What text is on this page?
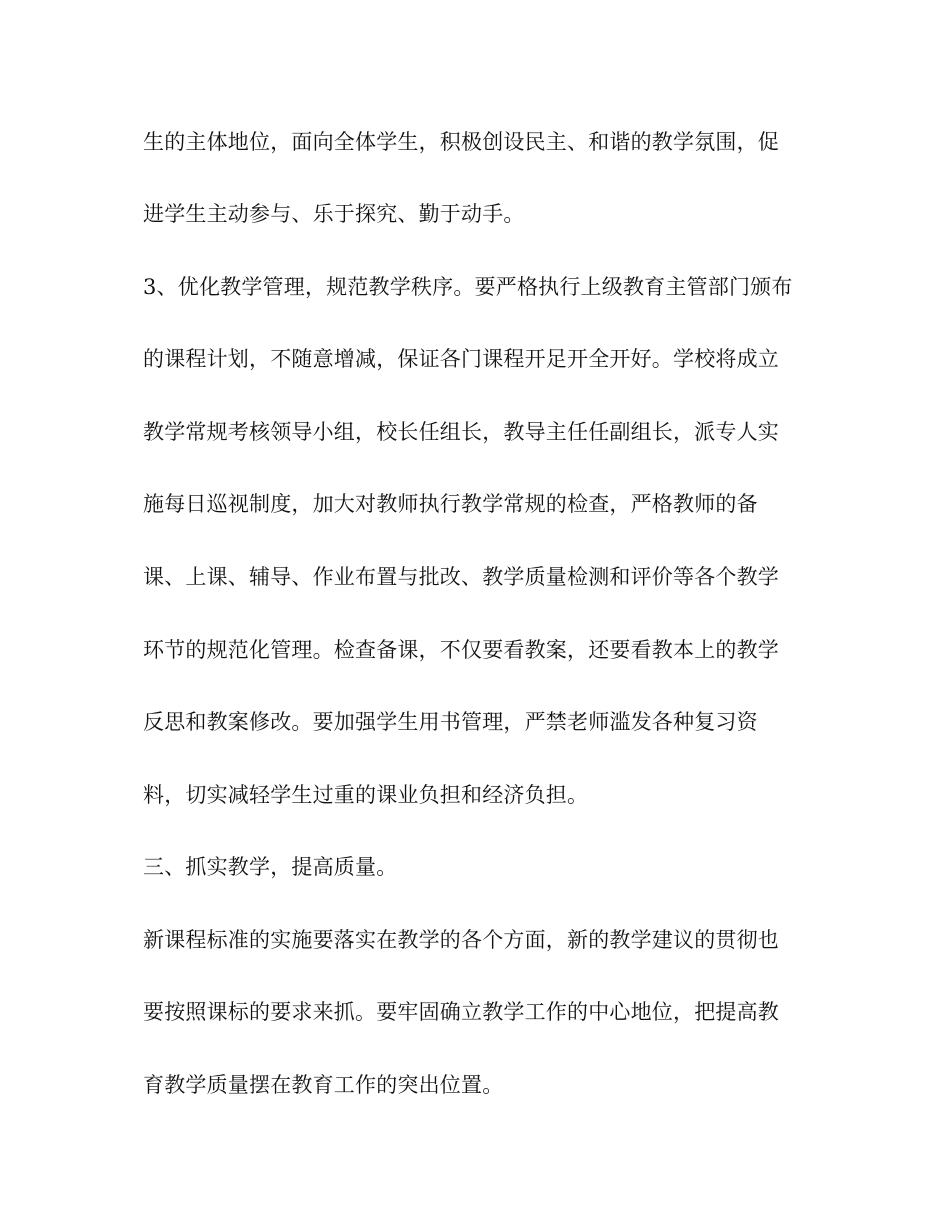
生的主体地位，面向全体学生，积极创设民主、和谐的教学氛围，促
进学生主动参与、乐于探究、勤于动手。
3、优化教学管理，规范教学秩序。要严格执行上级教育主管部门颁布
的课程计划，不随意增减，保证各门课程开足开全开好。学校将成立
教学常规考核领导小组，校长任组长，教导主任任副组长，派专人实
施每日巡视制度，加大对教师执行教学常规的检查，严格教师的备
课、上课、辅导、作业布置与批改、教学质量检测和评价等各个教学
环节的规范化管理。检查备课，不仅要看教案，还要看教本上的教学
反思和教案修改。要加强学生用书管理，严禁老师滥发各种复习资
料，切实减轻学生过重的课业负担和经济负担。
三、抓实教学，提高质量。
新课程标准的实施要落实在教学的各个方面，新的教学建议的贯彻也
要按照课标的要求来抓。要牢固确立教学工作的中心地位，把提高教
育教学质量摆在教育工作的突出位置。
